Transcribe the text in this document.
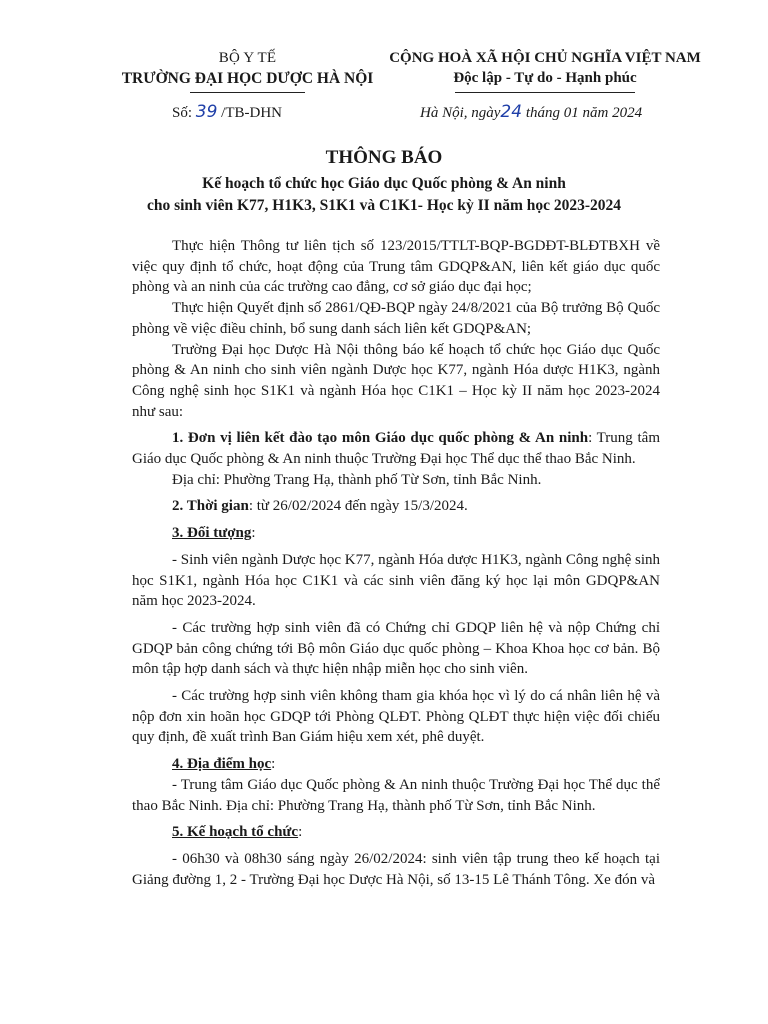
BỘ Y TẾ
TRƯỜNG ĐẠI HỌC DƯỢC HÀ NỘI
CỘNG HOÀ XÃ HỘI CHỦ NGHĨA VIỆT NAM
Độc lập - Tự do - Hạnh phúc
Số: 39 /TB-DHN	Hà Nội, ngày24 tháng 01 năm 2024
THÔNG BÁO
Kế hoạch tổ chức học Giáo dục Quốc phòng & An ninh
cho sinh viên K77, H1K3, S1K1 và C1K1- Học kỳ II năm học 2023-2024

Thực hiện Thông tư liên tịch số 123/2015/TTLT-BQP-BGDĐT-BLĐTBXH về việc quy định tổ chức, hoạt động của Trung tâm GDQP&AN, liên kết giáo dục quốc phòng và an ninh của các trường cao đẳng, cơ sở giáo dục đại học;

Thực hiện Quyết định số 2861/QĐ-BQP ngày 24/8/2021 của Bộ trưởng Bộ Quốc phòng về việc điều chỉnh, bổ sung danh sách liên kết GDQP&AN;

Trường Đại học Dược Hà Nội thông báo kế hoạch tổ chức học Giáo dục Quốc phòng & An ninh cho sinh viên ngành Dược học K77, ngành Hóa dược H1K3, ngành Công nghệ sinh học S1K1 và ngành Hóa học C1K1 – Học kỳ II năm học 2023-2024 như sau:

1. Đơn vị liên kết đào tạo môn Giáo dục quốc phòng & An ninh: Trung tâm Giáo dục Quốc phòng & An ninh thuộc Trường Đại học Thể dục thể thao Bắc Ninh.

Địa chỉ: Phường Trang Hạ, thành phố Từ Sơn, tỉnh Bắc Ninh.

2. Thời gian: từ 26/02/2024 đến ngày 15/3/2024.

3. Đối tượng:

- Sinh viên ngành Dược học K77, ngành Hóa dược H1K3, ngành Công nghệ sinh học S1K1, ngành Hóa học C1K1 và các sinh viên đăng ký học lại môn GDQP&AN năm học 2023-2024.

- Các trường hợp sinh viên đã có Chứng chỉ GDQP liên hệ và nộp Chứng chỉ GDQP bản công chứng tới Bộ môn Giáo dục quốc phòng – Khoa Khoa học cơ bản. Bộ môn tập hợp danh sách và thực hiện nhập miễn học cho sinh viên.

- Các trường hợp sinh viên không tham gia khóa học vì lý do cá nhân liên hệ và nộp đơn xin hoãn học GDQP tới Phòng QLĐT. Phòng QLĐT thực hiện việc đối chiếu quy định, đề xuất trình Ban Giám hiệu xem xét, phê duyệt.

4. Địa điểm học:

- Trung tâm Giáo dục Quốc phòng & An ninh thuộc Trường Đại học Thể dục thể thao Bắc Ninh. Địa chỉ: Phường Trang Hạ, thành phố Từ Sơn, tỉnh Bắc Ninh.

5. Kế hoạch tổ chức:

- 06h30 và 08h30 sáng ngày 26/02/2024: sinh viên tập trung theo kế hoạch tại Giảng đường 1, 2 - Trường Đại học Dược Hà Nội, số 13-15 Lê Thánh Tông. Xe đón và
